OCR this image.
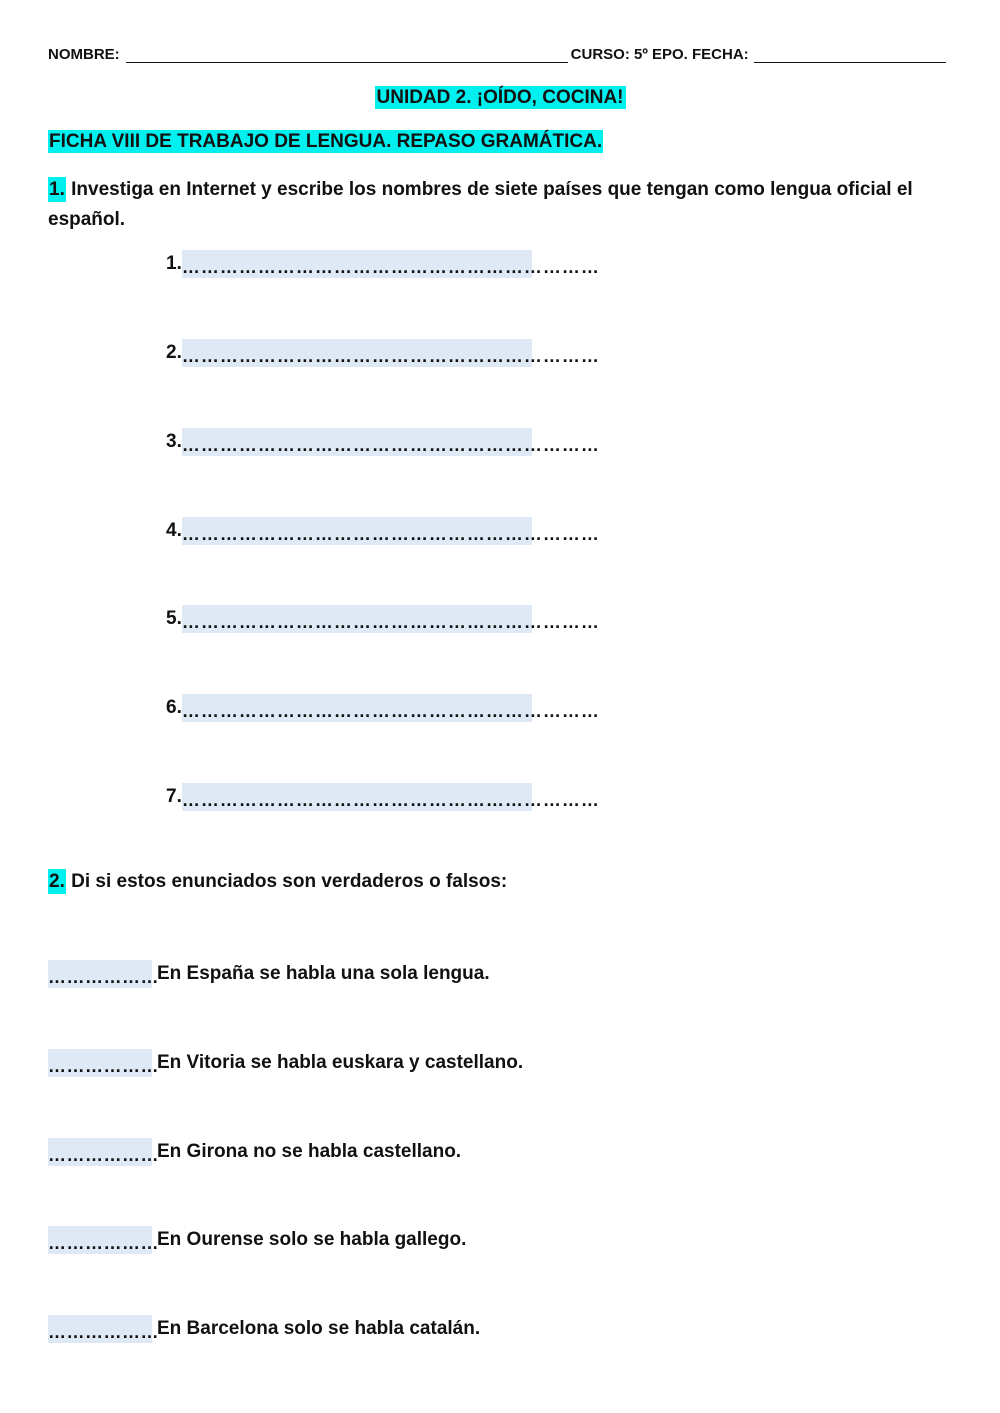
NOMBRE:	CURSO: 5º EPO. FECHA:
UNIDAD 2. ¡OÍDO, COCINA!
FICHA VIII DE TRABAJO DE LENGUA. REPASO GRAMÁTICA.
1. Investiga en Internet y escribe los nombres de siete países que tengan como lengua oficial el español.
1. …………………………………………………………
2. …………………………………………………………
3. …………………………………………………………
4. …………………………………………………………
5. …………………………………………………………
6. …………………………………………………………
7. …………………………………………………………
2. Di si estos enunciados son verdaderos o falsos:
………………
En España se habla una sola lengua.
………………
En Vitoria se habla euskara y castellano.
………………
En Girona no se habla castellano.
………………
En Ourense solo se habla gallego.
………………
En Barcelona solo se habla catalán.
